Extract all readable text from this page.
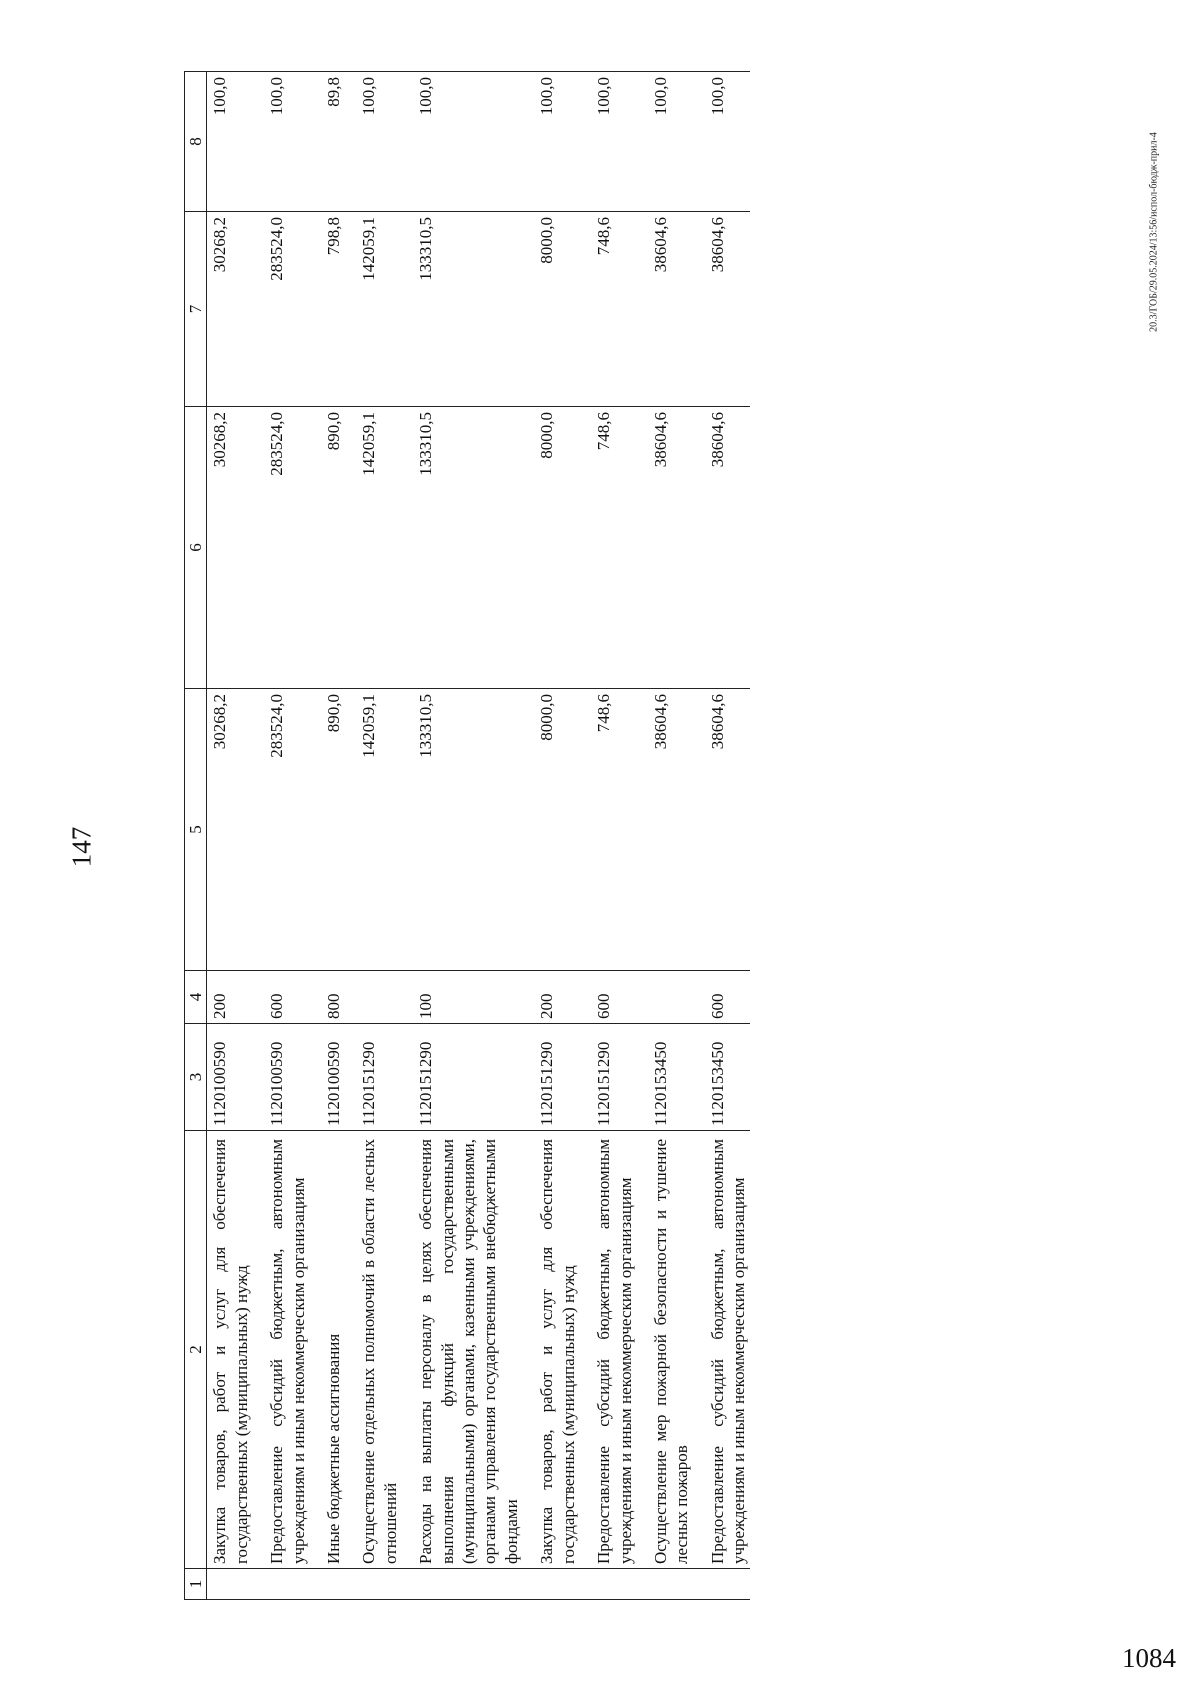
147
20.3/ГОБ/29.05.2024/13:56/испол-бюдж-прил-4
1084
1	2	3	4	5	6	7	8
	Закупка товаров, работ и услуг для обеспечения государственных (муниципальных) нужд	1120100590	200	30268,2	30268,2	30268,2	100,0
	Предоставление субсидий бюджетным, автономным учреждениям и иным некоммерческим организациям	1120100590	600	283524,0	283524,0	283524,0	100,0
	Иные бюджетные ассигнования	1120100590	800	890,0	890,0	798,8	89,8
	Осуществление отдельных полномочий в области лесных отношений	1120151290		142059,1	142059,1	142059,1	100,0
	Расходы на выплаты персоналу в целях обеспечения выполнения функций государственными (муниципальными) органами, казенными учреждениями, органами управления государственными внебюджетными фондами	1120151290	100	133310,5	133310,5	133310,5	100,0
	Закупка товаров, работ и услуг для обеспечения государственных (муниципальных) нужд	1120151290	200	8000,0	8000,0	8000,0	100,0
	Предоставление субсидий бюджетным, автономным учреждениям и иным некоммерческим организациям	1120151290	600	748,6	748,6	748,6	100,0
	Осуществление мер пожарной безопасности и тушение лесных пожаров	1120153450		38604,6	38604,6	38604,6	100,0
	Предоставление субсидий бюджетным, автономным учреждениям и иным некоммерческим организациям	1120153450	600	38604,6	38604,6	38604,6	100,0
